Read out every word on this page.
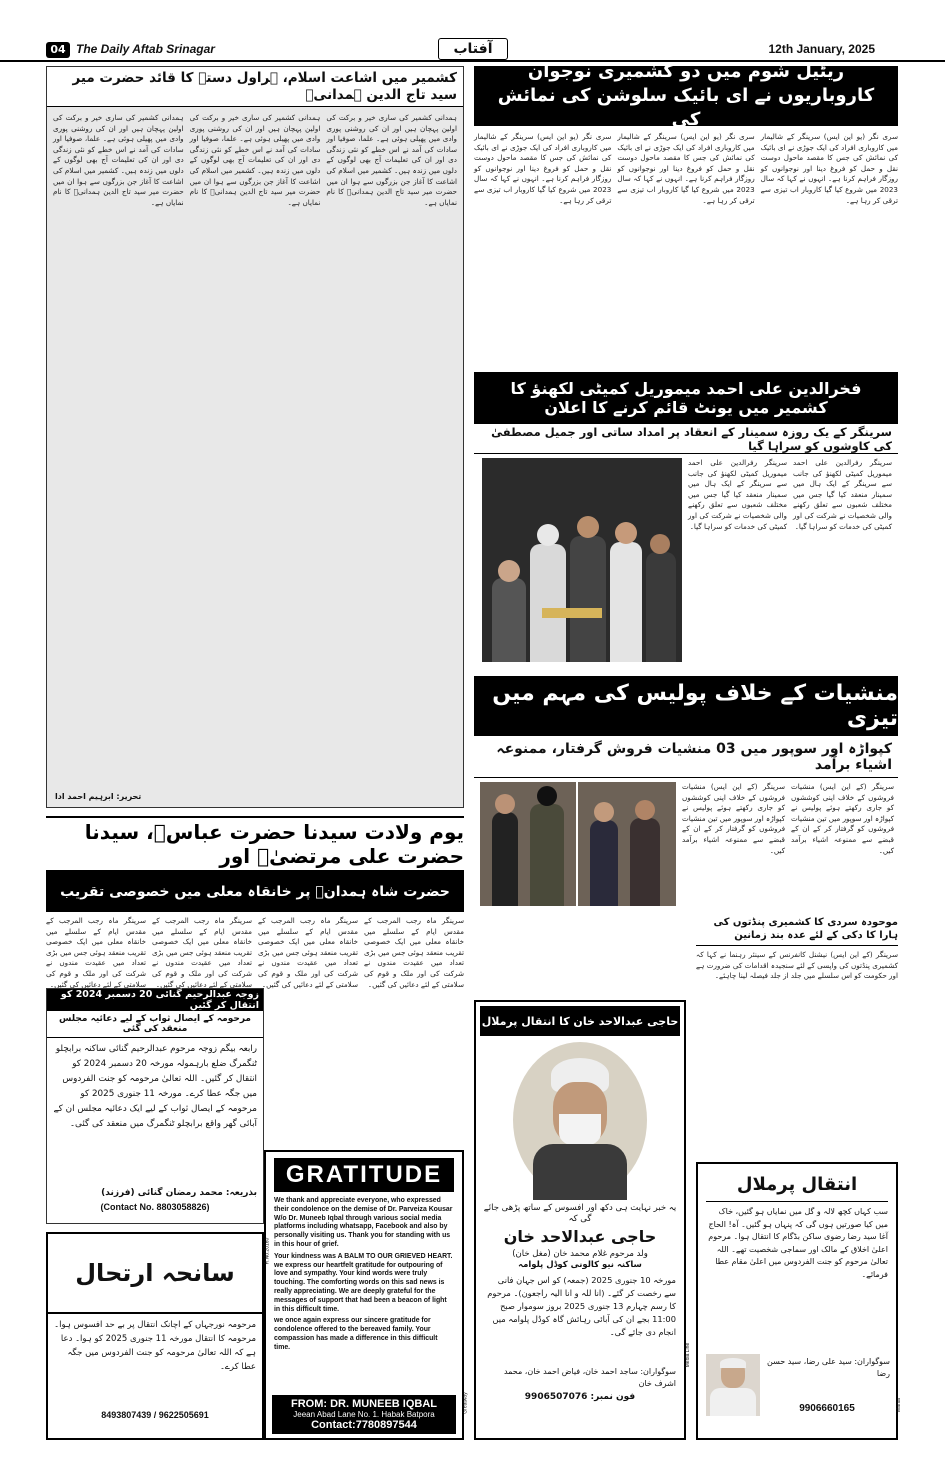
04 The Daily Aftab Srinagar	آفتاب	12th January, 2025
کشمیر میں اشاعت اسلام، ہراول دستے کا قائد حضرت میر سید تاج الدین ہمدانیؒ
ہمدانی کشمیر کی ساری خیر و برکت کی اولین پہچان ہیں اور ان کی روشنی پوری وادی میں پھیلی ہوئی ہے۔ علما، صوفیا اور سادات کی آمد نے اس خطے کو نئی زندگی دی اور ان کی تعلیمات آج بھی لوگوں کے دلوں میں زندہ ہیں۔ کشمیر میں اسلام کی اشاعت کا آغاز جن بزرگوں سے ہوا ان میں حضرت میر سید تاج الدین ہمدانیؒ کا نام نمایاں ہے۔
ہمدانی کشمیر کی ساری خیر و برکت کی اولین پہچان ہیں اور ان کی روشنی پوری وادی میں پھیلی ہوئی ہے۔ علما، صوفیا اور سادات کی آمد نے اس خطے کو نئی زندگی دی اور ان کی تعلیمات آج بھی لوگوں کے دلوں میں زندہ ہیں۔ کشمیر میں اسلام کی اشاعت کا آغاز جن بزرگوں سے ہوا ان میں حضرت میر سید تاج الدین ہمدانیؒ کا نام نمایاں ہے۔
ہمدانی کشمیر کی ساری خیر و برکت کی اولین پہچان ہیں اور ان کی روشنی پوری وادی میں پھیلی ہوئی ہے۔ علما، صوفیا اور سادات کی آمد نے اس خطے کو نئی زندگی دی اور ان کی تعلیمات آج بھی لوگوں کے دلوں میں زندہ ہیں۔ کشمیر میں اسلام کی اشاعت کا آغاز جن بزرگوں سے ہوا ان میں حضرت میر سید تاج الدین ہمدانیؒ کا نام نمایاں ہے۔
تحریر: ابرہیم احمد ادا
ریٹیل شوم میں دو کشمیری نوجوان کاروباریوں نے ای بائیک سلوشن کی نمائش کی
سری نگر (یو این ایس) سرینگر کے شالیمار میں کاروباری افراد کی ایک جوڑی نے ای بائیک کی نمائش کی جس کا مقصد ماحول دوست نقل و حمل کو فروغ دینا اور نوجوانوں کو روزگار فراہم کرنا ہے۔ انہوں نے کہا کہ سال 2023 میں شروع کیا گیا کاروبار اب تیزی سے ترقی کر رہا ہے۔
سری نگر (یو این ایس) سرینگر کے شالیمار میں کاروباری افراد کی ایک جوڑی نے ای بائیک کی نمائش کی جس کا مقصد ماحول دوست نقل و حمل کو فروغ دینا اور نوجوانوں کو روزگار فراہم کرنا ہے۔ انہوں نے کہا کہ سال 2023 میں شروع کیا گیا کاروبار اب تیزی سے ترقی کر رہا ہے۔
سری نگر (یو این ایس) سرینگر کے شالیمار میں کاروباری افراد کی ایک جوڑی نے ای بائیک کی نمائش کی جس کا مقصد ماحول دوست نقل و حمل کو فروغ دینا اور نوجوانوں کو روزگار فراہم کرنا ہے۔ انہوں نے کہا کہ سال 2023 میں شروع کیا گیا کاروبار اب تیزی سے ترقی کر رہا ہے۔
فخرالدین علی احمد میموریل کمیٹی لکھنؤ کا کشمیر میں یونٹ قائم کرنے کا اعلان
سرینگر کے یک روزہ سمینار کے انعقاد پر امداد ساتی اور جمیل مصطفیٰ کی کاوشوں کو سراہا گیا
سرینگر رفرالدین علی احمد میموریل کمیٹی لکھنؤ کی جانب سے سرینگر کے ایک ہال میں سمینار منعقد کیا گیا جس میں مختلف شعبوں سے تعلق رکھنے والی شخصیات نے شرکت کی اور کمیٹی کی خدمات کو سراہا گیا۔
سرینگر رفرالدین علی احمد میموریل کمیٹی لکھنؤ کی جانب سے سرینگر کے ایک ہال میں سمینار منعقد کیا گیا جس میں مختلف شعبوں سے تعلق رکھنے والی شخصیات نے شرکت کی اور کمیٹی کی خدمات کو سراہا گیا۔
منشیات کے خلاف پولیس کی مہم میں تیزی
کپواڑہ اور سوپور میں 03 منشیات فروش گرفتار، ممنوعہ اشیاء برآمد
سرینگر (کے این ایس) منشیات فروشوں کے خلاف اپنی کوششوں کو جاری رکھتے ہوئے پولیس نے کپواڑہ اور سوپور میں تین منشیات فروشوں کو گرفتار کر کے ان کے قبضے سے ممنوعہ اشیاء برآمد کیں۔
سرینگر (کے این ایس) منشیات فروشوں کے خلاف اپنی کوششوں کو جاری رکھتے ہوئے پولیس نے کپواڑہ اور سوپور میں تین منشیات فروشوں کو گرفتار کر کے ان کے قبضے سے ممنوعہ اشیاء برآمد کیں۔
یوم ولادت سیدنا حضرت عباسؓ، سیدنا حضرت علی مرتضیٰؓ اور
حضرت شاہ ہمدانؒ پر خانقاہ معلی میں خصوصی تقریب
سرینگر ماہ رجب المرجب کے مقدس ایام کے سلسلے میں خانقاہ معلی میں ایک خصوصی تقریب منعقد ہوئی جس میں بڑی تعداد میں عقیدت مندوں نے شرکت کی اور ملک و قوم کی سلامتی کے لئے دعائیں کی گئیں۔
سرینگر ماہ رجب المرجب کے مقدس ایام کے سلسلے میں خانقاہ معلی میں ایک خصوصی تقریب منعقد ہوئی جس میں بڑی تعداد میں عقیدت مندوں نے شرکت کی اور ملک و قوم کی سلامتی کے لئے دعائیں کی گئیں۔
سرینگر ماہ رجب المرجب کے مقدس ایام کے سلسلے میں خانقاہ معلی میں ایک خصوصی تقریب منعقد ہوئی جس میں بڑی تعداد میں عقیدت مندوں نے شرکت کی اور ملک و قوم کی سلامتی کے لئے دعائیں کی گئیں۔
سرینگر ماہ رجب المرجب کے مقدس ایام کے سلسلے میں خانقاہ معلی میں ایک خصوصی تقریب منعقد ہوئی جس میں بڑی تعداد میں عقیدت مندوں نے شرکت کی اور ملک و قوم کی سلامتی کے لئے دعائیں کی گئیں۔
موحودہ سردی کا کشمیری پنڈتوں کی ہارا کا دکی کے لئے عدہ بند زمانین
سرینگر (کے این ایس) نیشنل کانفرنس کے سینئر رہنما نے کہا کہ کشمیری پنڈتوں کی واپسی کے لئے سنجیدہ اقدامات کی ضرورت ہے اور حکومت کو اس سلسلے میں جلد از جلد فیصلہ لینا چاہئے۔
زوجہ عبدالرحیم گنائی 20 دسمبر 2024 کو انتقال کر گئیں
مرحومہ کے ایصال ثواب کے لیے دعائیہ مجلس منعقد کی گئی
رابعہ بیگم زوجہ مرحوم عبدالرحیم گنائی ساکنہ برابچلو ٹنگمرگ ضلع بارہمولہ مورخہ 20 دسمبر 2024 کو انتقال کر گئیں۔ اللہ تعالیٰ مرحومہ کو جنت الفردوس میں جگہ عطا کرے۔ مورخہ 11 جنوری 2025 کو مرحومہ کے ایصال ثواب کے لیے ایک دعائیہ مجلس ان کے آبائی گھر واقع برابچلو ٹنگمرگ میں منعقد کی گئی۔
بذریعہ: محمد رمضان گنائی (فرزند)
(Contact No. 8803058826)
GRATITUDE

We thank and appreciate everyone, who expressed their condolence on the demise of Dr. Parveiza Kousar W/o Dr. Muneeb Iqbal through various social media platforms including whatsapp, Facebook and also by personally visiting us. Thank you for standing with us in this hour of grief.

Your kindness was A BALM TO OUR GRIEVED HEART. we express our heartfelt gratitude for outpouring of love and sympathy. Your kind words were truly touching. The comforting words on this sad news is really appreciating. We are deeply grateful for the messages of support that had been a beacon of light in this difficult time.

we once again express our sincere gratitude for condolence offered to the bereaved family. Your compassion has made a difference in this difficult time.

FROM: DR. MUNEEB IQBAL
Jeean Abad Lane No. 1. Habak Batpora
Contact:7780897544
R.No.20160
Greatway
سانحہ ارتحال
مرحومہ نورجہاں کے اچانک انتقال پر بے حد افسوس ہوا۔ مرحومہ کا انتقال مورخہ 11 جنوری 2025 کو ہوا۔ دعا ہے کہ اللہ تعالیٰ مرحومہ کو جنت الفردوس میں جگہ عطا کرے۔
8493807439 / 9622505691
حاجی عبدالاحد خان کا انتقال پرملال
یہ خبر نہایت ہی دکھ اور افسوس کے ساتھ پڑھی جائے گی کہ
حاجی عبدالاحد خان
ولد مرحوم غلام محمد خان (مغل خان)
ساکنہ نیو کالونی کوڈل پلوامہ
مورخہ 10 جنوری 2025 (جمعہ) کو اس جہان فانی سے رخصت کر گئے۔ (انا للہ و انا الیہ راجعون)۔ مرحوم کا رسم چہارم 13 جنوری 2025 بروز سوموار صبح 11:00 بجے ان کی آبائی رہائش گاہ کوڈل پلوامہ میں انجام دی جائے گی۔
سوگواران: ساجد احمد خان، فیاض احمد خان، محمد اشرف خان
فون نمبر: 9906507076
Media Line
انتقال پرملال
سب کہاں کچھ لالہ و گل میں نمایاں ہو گئیں، خاک میں کیا صورتیں ہوں گی کہ پنہاں ہو گئیں۔ آہ! الحاج آغا سید رضا رضوی ساکن بڈگام کا انتقال ہوا۔ مرحوم اعلیٰ اخلاق کے مالک اور سماجی شخصیت تھے۔ اللہ تعالیٰ مرحوم کو جنت الفردوس میں اعلیٰ مقام عطا فرمائے۔
سوگواران: سید علی رضا، سید حسن رضا
9906660165	Marsa
